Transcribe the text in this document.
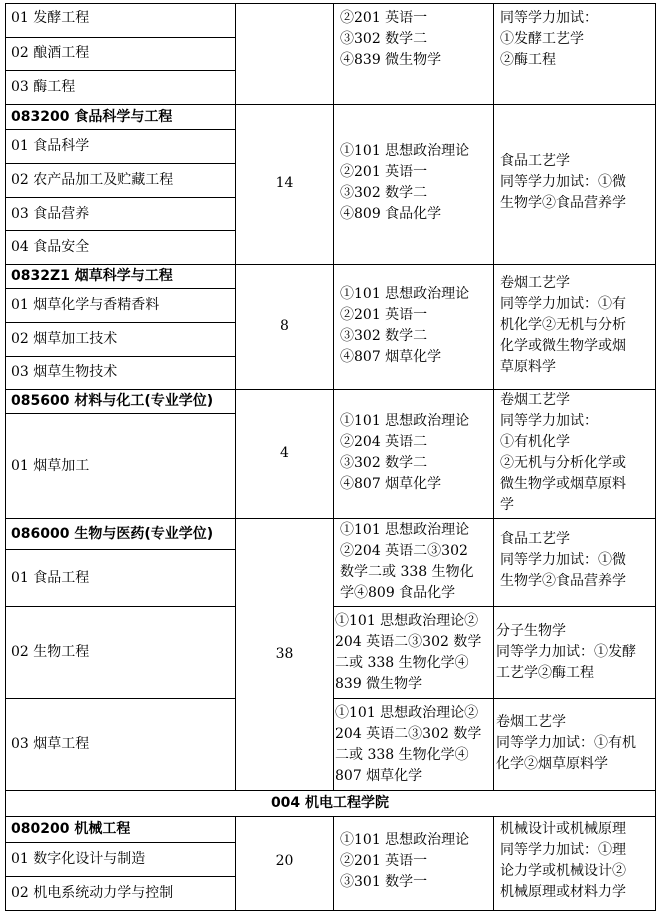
01 发酵工程
02 酿酒工程
03 酶工程
②201 英语一
③302 数学二
④839 微生物学
同等学力加试：
①发酵工艺学
②酶工程
083200 食品科学与工程
01 食品科学
02 农产品加工及贮藏工程
03 食品营养
04 食品安全
14
①101 思想政治理论
②201 英语一
③302 数学二
④809 食品化学
食品工艺学
同等学力加试：①微
生物学②食品营养学
0832Z1 烟草科学与工程
01 烟草化学与香精香料
02 烟草加工技术
03 烟草生物技术
8
①101 思想政治理论
②201 英语一
③302 数学二
④807 烟草化学
卷烟工艺学
同等学力加试：①有
机化学②无机与分析
化学或微生物学或烟
草原料学
085600 材料与化工(专业学位)
01 烟草加工
4
①101 思想政治理论
②204 英语二
③302 数学二
④807 烟草化学
卷烟工艺学
同等学力加试：
①有机化学
②无机与分析化学或
微生物学或烟草原料
学
086000 生物与医药(专业学位)
01 食品工程
02 生物工程
03 烟草工程
38
①101 思想政治理论
②204 英语二③302
数学二或 338 生物化
学④809 食品化学
食品工艺学
同等学力加试：①微
生物学②食品营养学
①101 思想政治理论②
204 英语二③302 数学
二或 338 生物化学④
839 微生物学
分子生物学
同等学力加试：①发酵
工艺学②酶工程
①101 思想政治理论②
204 英语二③302 数学
二或 338 生物化学④
807 烟草化学
卷烟工艺学
同等学力加试：①有机
化学②烟草原料学
004 机电工程学院
080200 机械工程
01 数字化设计与制造
02 机电系统动力学与控制
20
①101 思想政治理论
②201 英语一
③301 数学一
机械设计或机械原理
同等学力加试：①理
论力学或机械设计②
机械原理或材料力学
